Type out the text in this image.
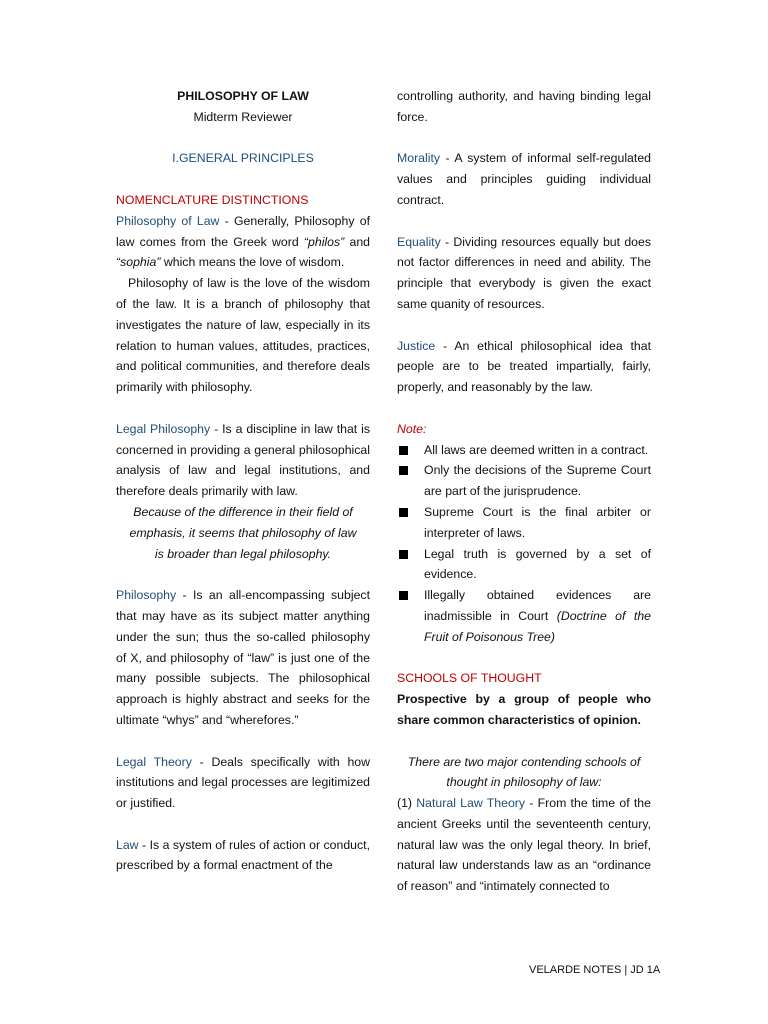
PHILOSOPHY OF LAW

Midterm Reviewer

I.GENERAL PRINCIPLES

NOMENCLATURE DISTINCTIONS

Philosophy of Law - Generally, Philosophy of law comes from the Greek word “philos” and “sophia” which means the love of wisdom.

Philosophy of law is the love of the wisdom of the law. It is a branch of philosophy that investigates the nature of law, especially in its relation to human values, attitudes, practices, and political communities, and therefore deals primarily with philosophy.

Legal Philosophy - Is a discipline in law that is concerned in providing a general philosophical analysis of law and legal institutions, and therefore deals primarily with law.

Because of the difference in their field of emphasis, it seems that philosophy of law is broader than legal philosophy.

Philosophy - Is an all-encompassing subject that may have as its subject matter anything under the sun; thus the so-called philosophy of X, and philosophy of “law” is just one of the many possible subjects. The philosophical approach is highly abstract and seeks for the ultimate “whys” and “wherefores.”

Legal Theory - Deals specifically with how institutions and legal processes are legitimized or justified.

Law - Is a system of rules of action or conduct, prescribed by a formal enactment of the

controlling authority, and having binding legal force.

Morality - A system of informal self-regulated values and principles guiding individual contract.

Equality - Dividing resources equally but does not factor differences in need and ability. The principle that everybody is given the exact same quanity of resources.

Justice - An ethical philosophical idea that people are to be treated impartially, fairly, properly, and reasonably by the law.

Note:

All laws are deemed written in a contract.
Only the decisions of the Supreme Court are part of the jurisprudence.
Supreme Court is the final arbiter or interpreter of laws.
Legal truth is governed by a set of evidence.
Illegally obtained evidences are inadmissible in Court (Doctrine of the Fruit of Poisonous Tree)

SCHOOLS OF THOUGHT

Prospective by a group of people who share common characteristics of opinion.

There are two major contending schools of thought in philosophy of law:

(1) Natural Law Theory - From the time of the ancient Greeks until the seventeenth century, natural law was the only legal theory. In brief, natural law understands law as an “ordinance of reason” and “intimately connected to

VELARDE NOTES | JD 1A
